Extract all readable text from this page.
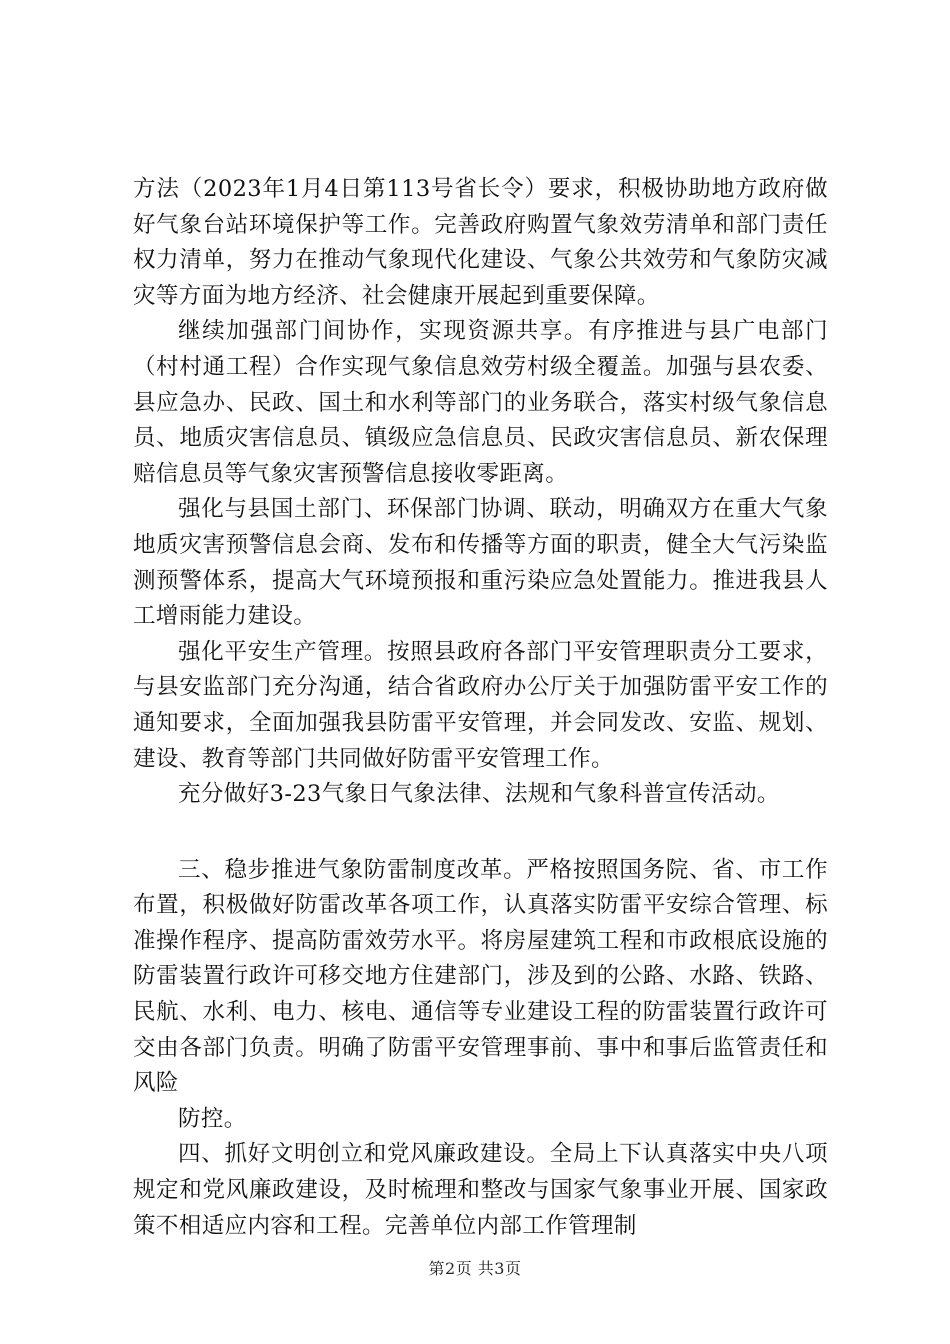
方法（2023年1月4日第113号省长令）要求，积极协助地方政府做好气象台站环境保护等工作。完善政府购置气象效劳清单和部门责任权力清单，努力在推动气象现代化建设、气象公共效劳和气象防灾减灾等方面为地方经济、社会健康开展起到重要保障。

继续加强部门间协作，实现资源共享。有序推进与县广电部门（村村通工程）合作实现气象信息效劳村级全覆盖。加强与县农委、县应急办、民政、国土和水利等部门的业务联合，落实村级气象信息员、地质灾害信息员、镇级应急信息员、民政灾害信息员、新农保理赔信息员等气象灾害预警信息接收零距离。

强化与县国土部门、环保部门协调、联动，明确双方在重大气象地质灾害预警信息会商、发布和传播等方面的职责，健全大气污染监测预警体系，提高大气环境预报和重污染应急处置能力。推进我县人工增雨能力建设。

强化平安生产管理。按照县政府各部门平安管理职责分工要求，与县安监部门充分沟通，结合省政府办公厅关于加强防雷平安工作的通知要求，全面加强我县防雷平安管理，并会同发改、安监、规划、建设、教育等部门共同做好防雷平安管理工作。

充分做好3-23气象日气象法律、法规和气象科普宣传活动。

三、稳步推进气象防雷制度改革。严格按照国务院、省、市工作布置，积极做好防雷改革各项工作，认真落实防雷平安综合管理、标准操作程序、提高防雷效劳水平。将房屋建筑工程和市政根底设施的防雷装置行政许可移交地方住建部门，涉及到的公路、水路、铁路、民航、水利、电力、核电、通信等专业建设工程的防雷装置行政许可交由各部门负责。明确了防雷平安管理事前、事中和事后监管责任和风险

防控。

四、抓好文明创立和党风廉政建设。全局上下认真落实中央八项规定和党风廉政建设，及时梳理和整改与国家气象事业开展、国家政策不相适应内容和工程。完善单位内部工作管理制

第2页 共3页
